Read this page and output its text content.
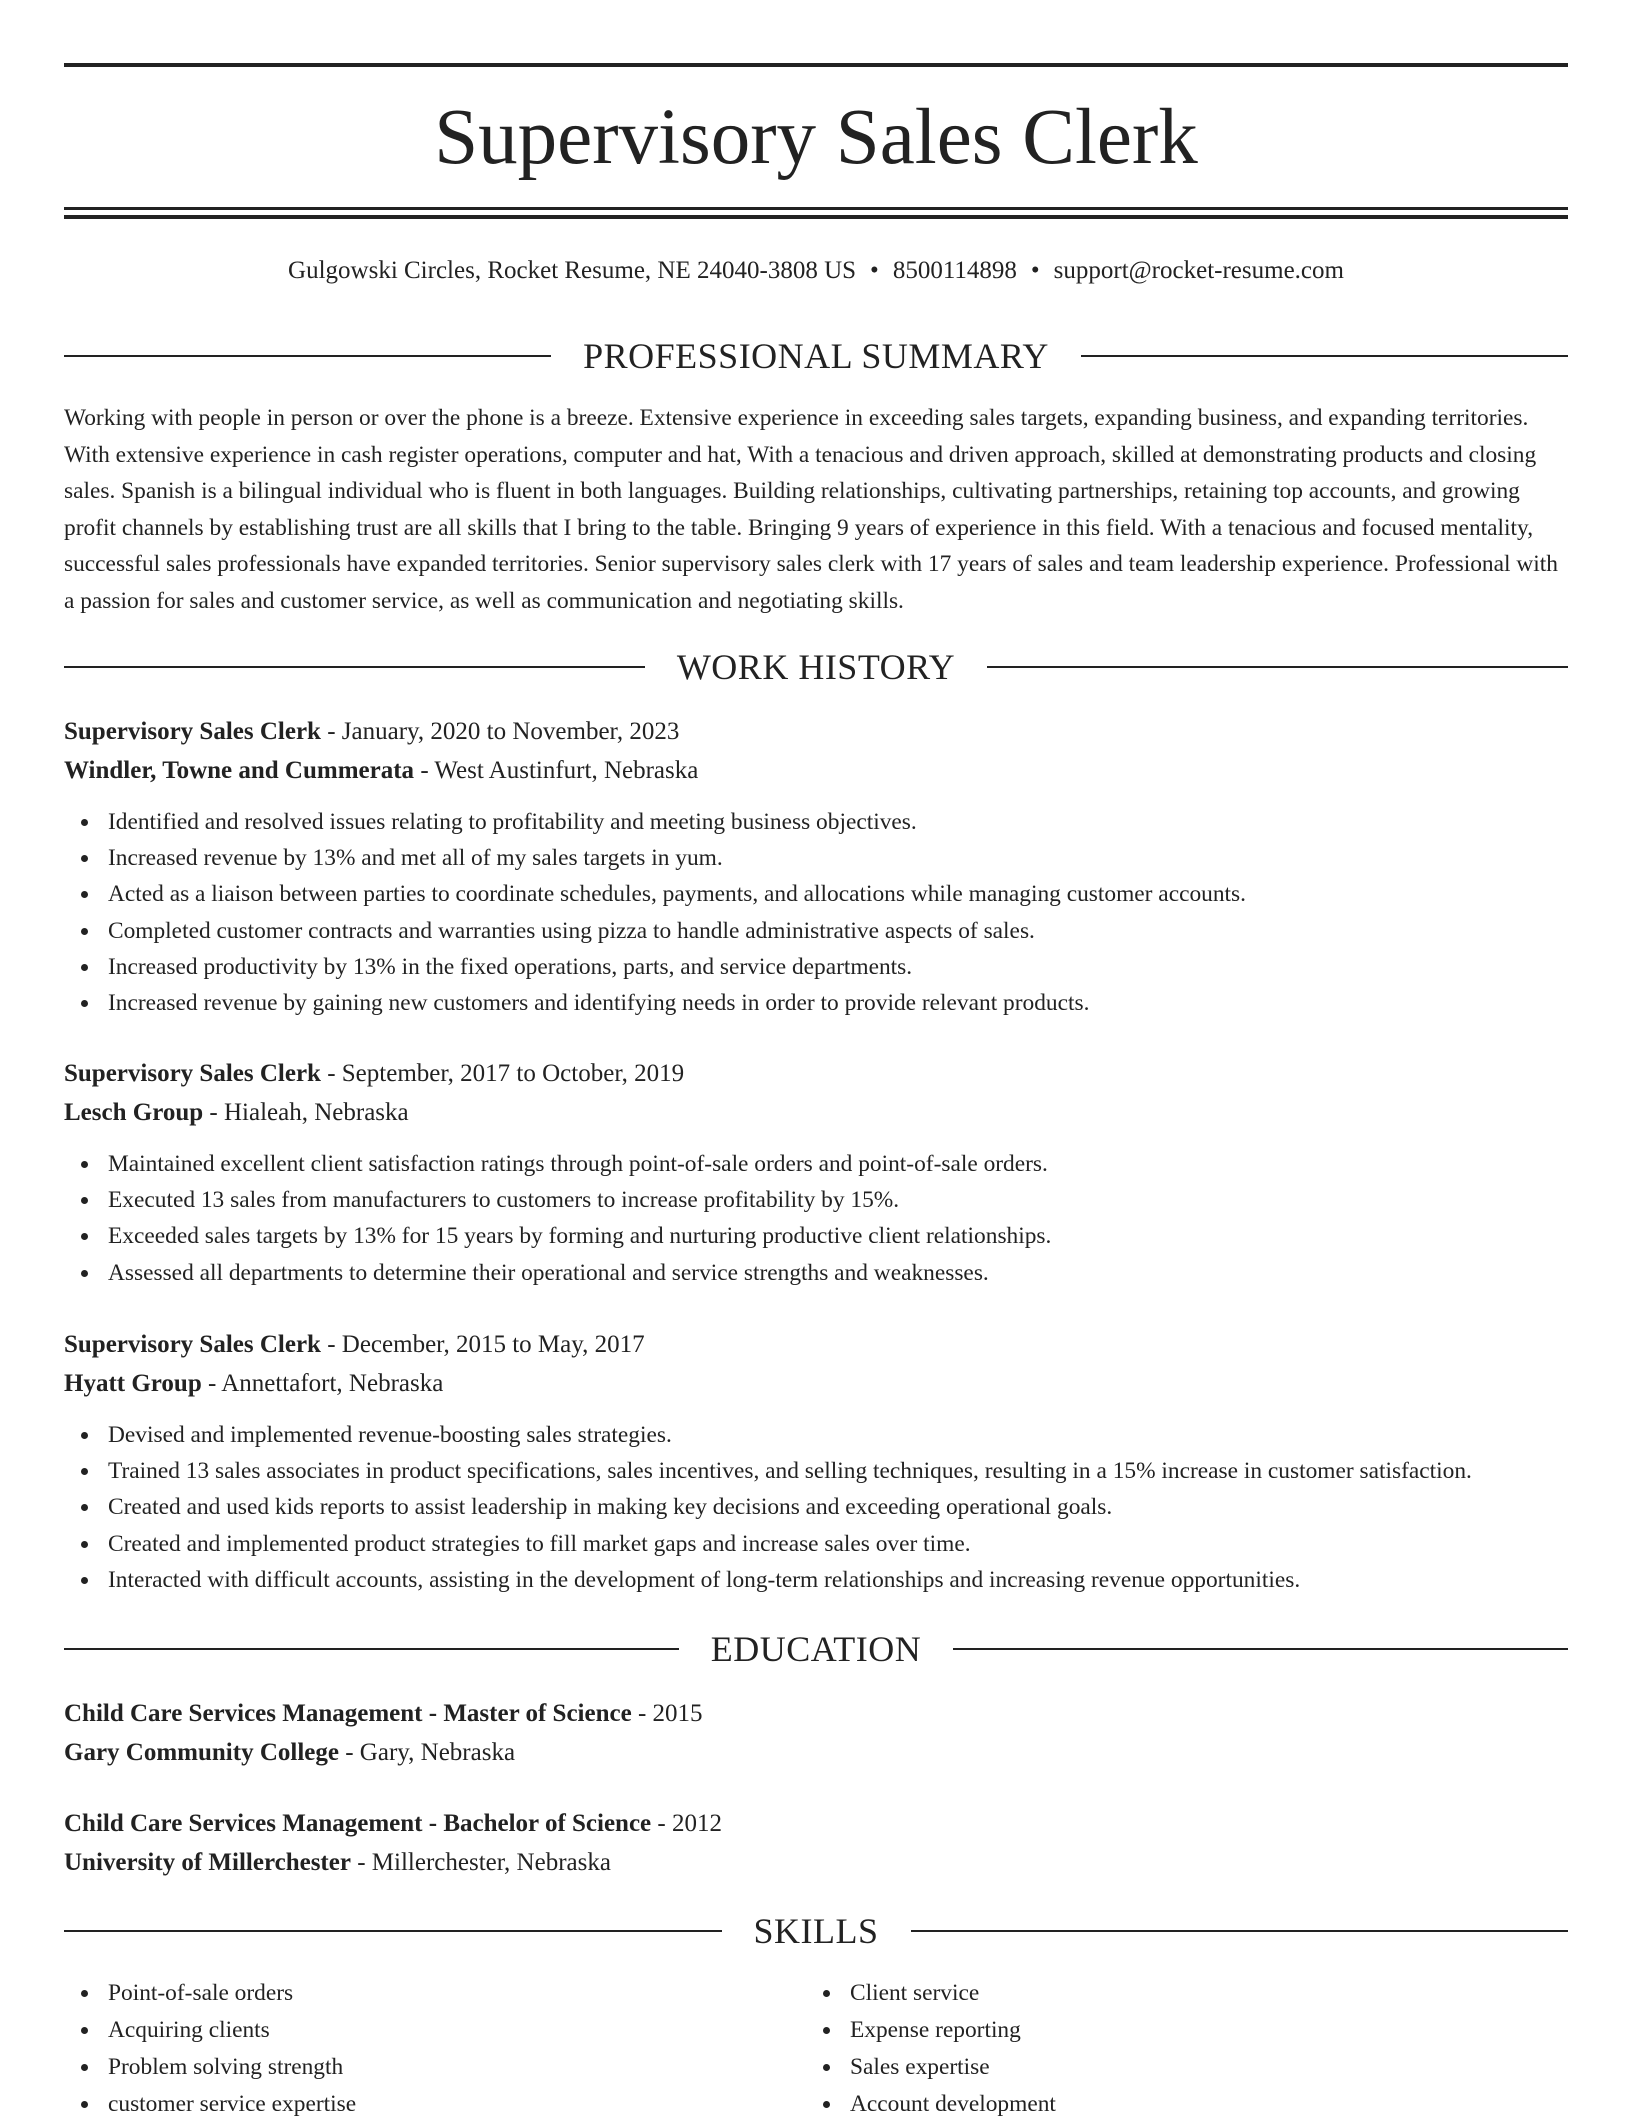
Supervisory Sales Clerk
Gulgowski Circles, Rocket Resume, NE 24040-3808 US • 8500114898 • support@rocket-resume.com
PROFESSIONAL SUMMARY

Working with people in person or over the phone is a breeze. Extensive experience in exceeding sales targets, expanding business, and expanding territories. With extensive experience in cash register operations, computer and hat, With a tenacious and driven approach, skilled at demonstrating products and closing sales. Spanish is a bilingual individual who is fluent in both languages. Building relationships, cultivating partnerships, retaining top accounts, and growing profit channels by establishing trust are all skills that I bring to the table. Bringing 9 years of experience in this field. With a tenacious and focused mentality, successful sales professionals have expanded territories. Senior supervisory sales clerk with 17 years of sales and team leadership experience. Professional with a passion for sales and customer service, as well as communication and negotiating skills.

WORK HISTORY
Supervisory Sales Clerk - January, 2020 to November, 2023
Windler, Towne and Cummerata - West Austinfurt, Nebraska
Identified and resolved issues relating to profitability and meeting business objectives.
Increased revenue by 13% and met all of my sales targets in yum.
Acted as a liaison between parties to coordinate schedules, payments, and allocations while managing customer accounts.
Completed customer contracts and warranties using pizza to handle administrative aspects of sales.
Increased productivity by 13% in the fixed operations, parts, and service departments.
Increased revenue by gaining new customers and identifying needs in order to provide relevant products.
Supervisory Sales Clerk - September, 2017 to October, 2019
Lesch Group - Hialeah, Nebraska
Maintained excellent client satisfaction ratings through point-of-sale orders and point-of-sale orders.
Executed 13 sales from manufacturers to customers to increase profitability by 15%.
Exceeded sales targets by 13% for 15 years by forming and nurturing productive client relationships.
Assessed all departments to determine their operational and service strengths and weaknesses.
Supervisory Sales Clerk - December, 2015 to May, 2017
Hyatt Group - Annettafort, Nebraska
Devised and implemented revenue-boosting sales strategies.
Trained 13 sales associates in product specifications, sales incentives, and selling techniques, resulting in a 15% increase in customer satisfaction.
Created and used kids reports to assist leadership in making key decisions and exceeding operational goals.
Created and implemented product strategies to fill market gaps and increase sales over time.
Interacted with difficult accounts, assisting in the development of long-term relationships and increasing revenue opportunities.
EDUCATION
Child Care Services Management - Master of Science - 2015
Gary Community College - Gary, Nebraska
Child Care Services Management - Bachelor of Science - 2012
University of Millerchester - Millerchester, Nebraska
SKILLS
Point-of-sale orders
Acquiring clients
Problem solving strength
customer service expertise
Client service
Expense reporting
Sales expertise
Account development
